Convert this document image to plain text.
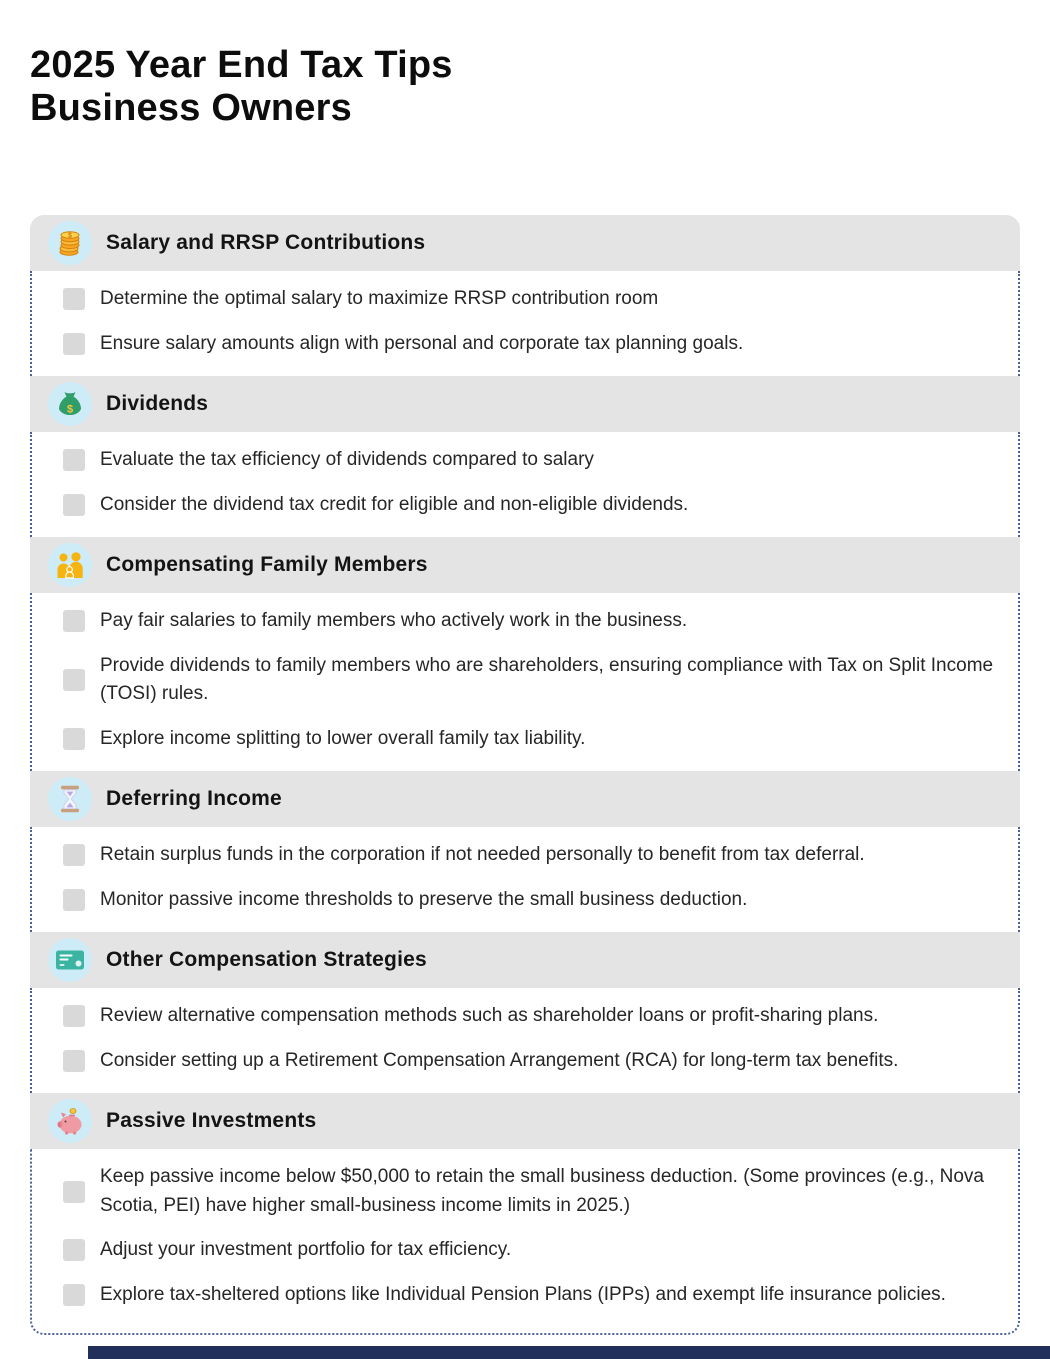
2025 Year End Tax Tips
Business Owners
$ Salary and RRSP Contributions

Determine the optimal salary to maximize RRSP contribution room

Ensure salary amounts align with personal and corporate tax planning goals.

$ Dividends

Evaluate the tax efficiency of dividends compared to salary

Consider the dividend tax credit for eligible and non-eligible dividends.

Compensating Family Members

Pay fair salaries to family members who actively work in the business.

Provide dividends to family members who are shareholders, ensuring compliance with Tax on Split Income (TOSI) rules.

Explore income splitting to lower overall family tax liability.

Deferring Income

Retain surplus funds in the corporation if not needed personally to benefit from tax deferral.

Monitor passive income thresholds to preserve the small business deduction.

Other Compensation Strategies

Review alternative compensation methods such as shareholder loans or profit-sharing plans.

Consider setting up a Retirement Compensation Arrangement (RCA) for long-term tax benefits.

Passive Investments

Keep passive income below $50,000 to retain the small business deduction. (Some provinces (e.g., Nova Scotia, PEI) have higher small-business income limits in 2025.)

Adjust your investment portfolio for tax efficiency.

Explore tax-sheltered options like Individual Pension Plans (IPPs) and exempt life insurance policies.
